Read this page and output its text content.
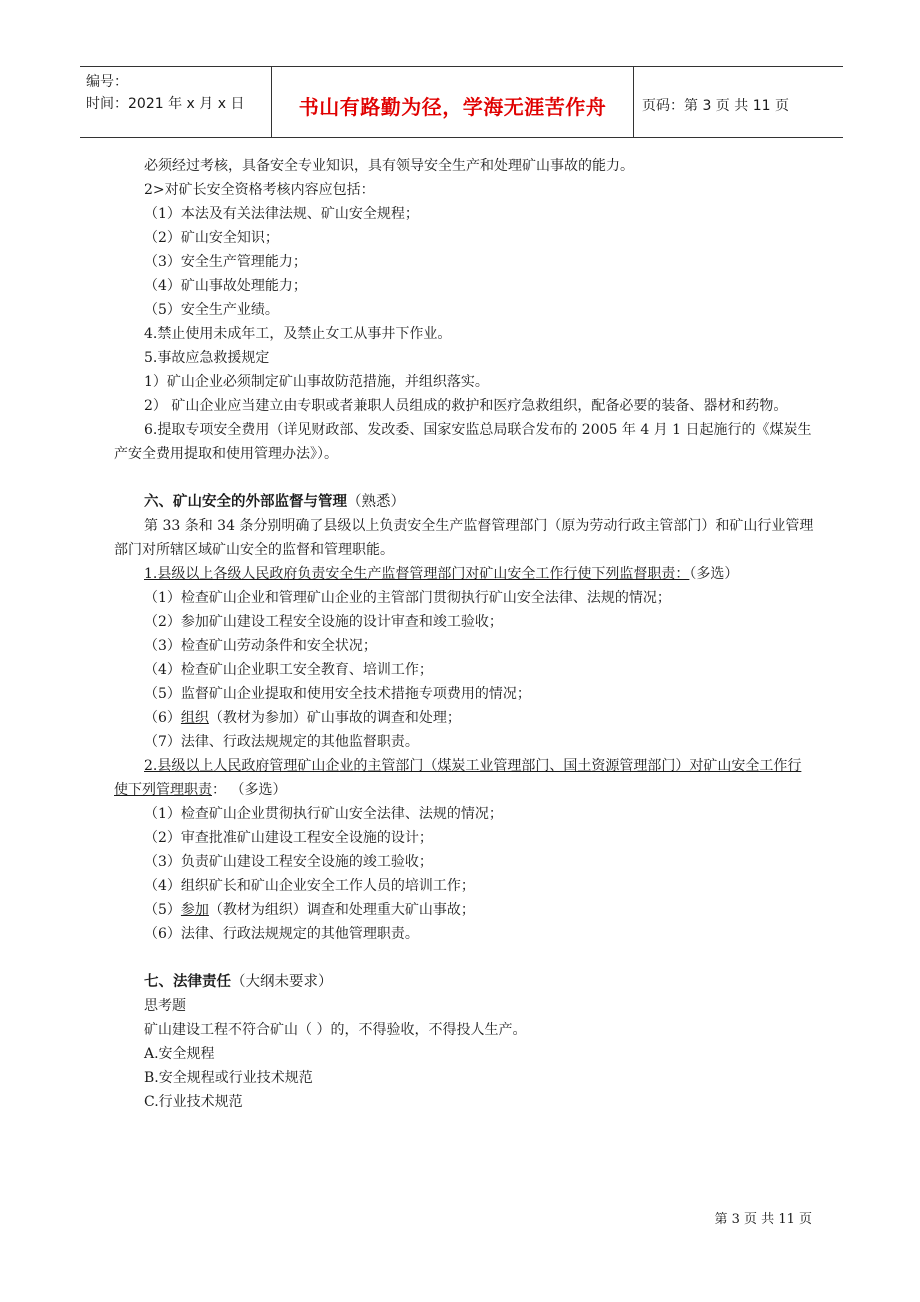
编号：
时间：2021 年 x 月 x 日	书山有路勤为径，学海无涯苦作舟	页码：第 3 页 共 11 页
必须经过考核，具备安全专业知识，具有领导安全生产和处理矿山事故的能力。
2>对矿长安全资格考核内容应包括：
（1）本法及有关法律法规、矿山安全规程；
（2）矿山安全知识；
（3）安全生产管理能力；
（4）矿山事故处理能力；
（5）安全生产业绩。
4.禁止使用未成年工，及禁止女工从事井下作业。
5.事故应急救援规定
1）矿山企业必须制定矿山事故防范措施，并组织落实。
2） 矿山企业应当建立由专职或者兼职人员组成的救护和医疗急救组织，配备必要的装备、器材和药物。
6.提取专项安全费用（详见财政部、发改委、国家安监总局联合发布的 2005 年 4 月 1 日起施行的《煤炭生产安全费用提取和使用管理办法》）。
六、矿山安全的外部监督与管理（熟悉）
第 33 条和 34 条分别明确了县级以上负责安全生产监督管理部门（原为劳动行政主管部门）和矿山行业管理部门对所辖区域矿山安全的监督和管理职能。
1.县级以上各级人民政府负责安全生产监督管理部门对矿山安全工作行使下列监督职责：（多选）
（1）检查矿山企业和管理矿山企业的主管部门贯彻执行矿山安全法律、法规的情况；
（2）参加矿山建设工程安全设施的设计审查和竣工验收；
（3）检查矿山劳动条件和安全状况；
（4）检查矿山企业职工安全教育、培训工作；
（5）监督矿山企业提取和使用安全技术措拖专项费用的情况；
（6）组织（教材为参加）矿山事故的调查和处理；
（7）法律、行政法规规定的其他监督职责。
2.县级以上人民政府管理矿山企业的主管部门（煤炭工业管理部门、国土资源管理部门）对矿山安全工作行使下列管理职责： （多选）
（1）检查矿山企业贯彻执行矿山安全法律、法规的情况；
（2）审查批准矿山建设工程安全设施的设计；
（3）负责矿山建设工程安全设施的竣工验收；
（4）组织矿长和矿山企业安全工作人员的培训工作；
（5）参加（教材为组织）调查和处理重大矿山事故；
（6）法律、行政法规规定的其他管理职责。
七、法律责任（大纲未要求）
思考题
矿山建设工程不符合矿山（ ）的，不得验收，不得投人生产。
A.安全规程
B.安全规程或行业技术规范
C.行业技术规范
第 3 页 共 11 页
